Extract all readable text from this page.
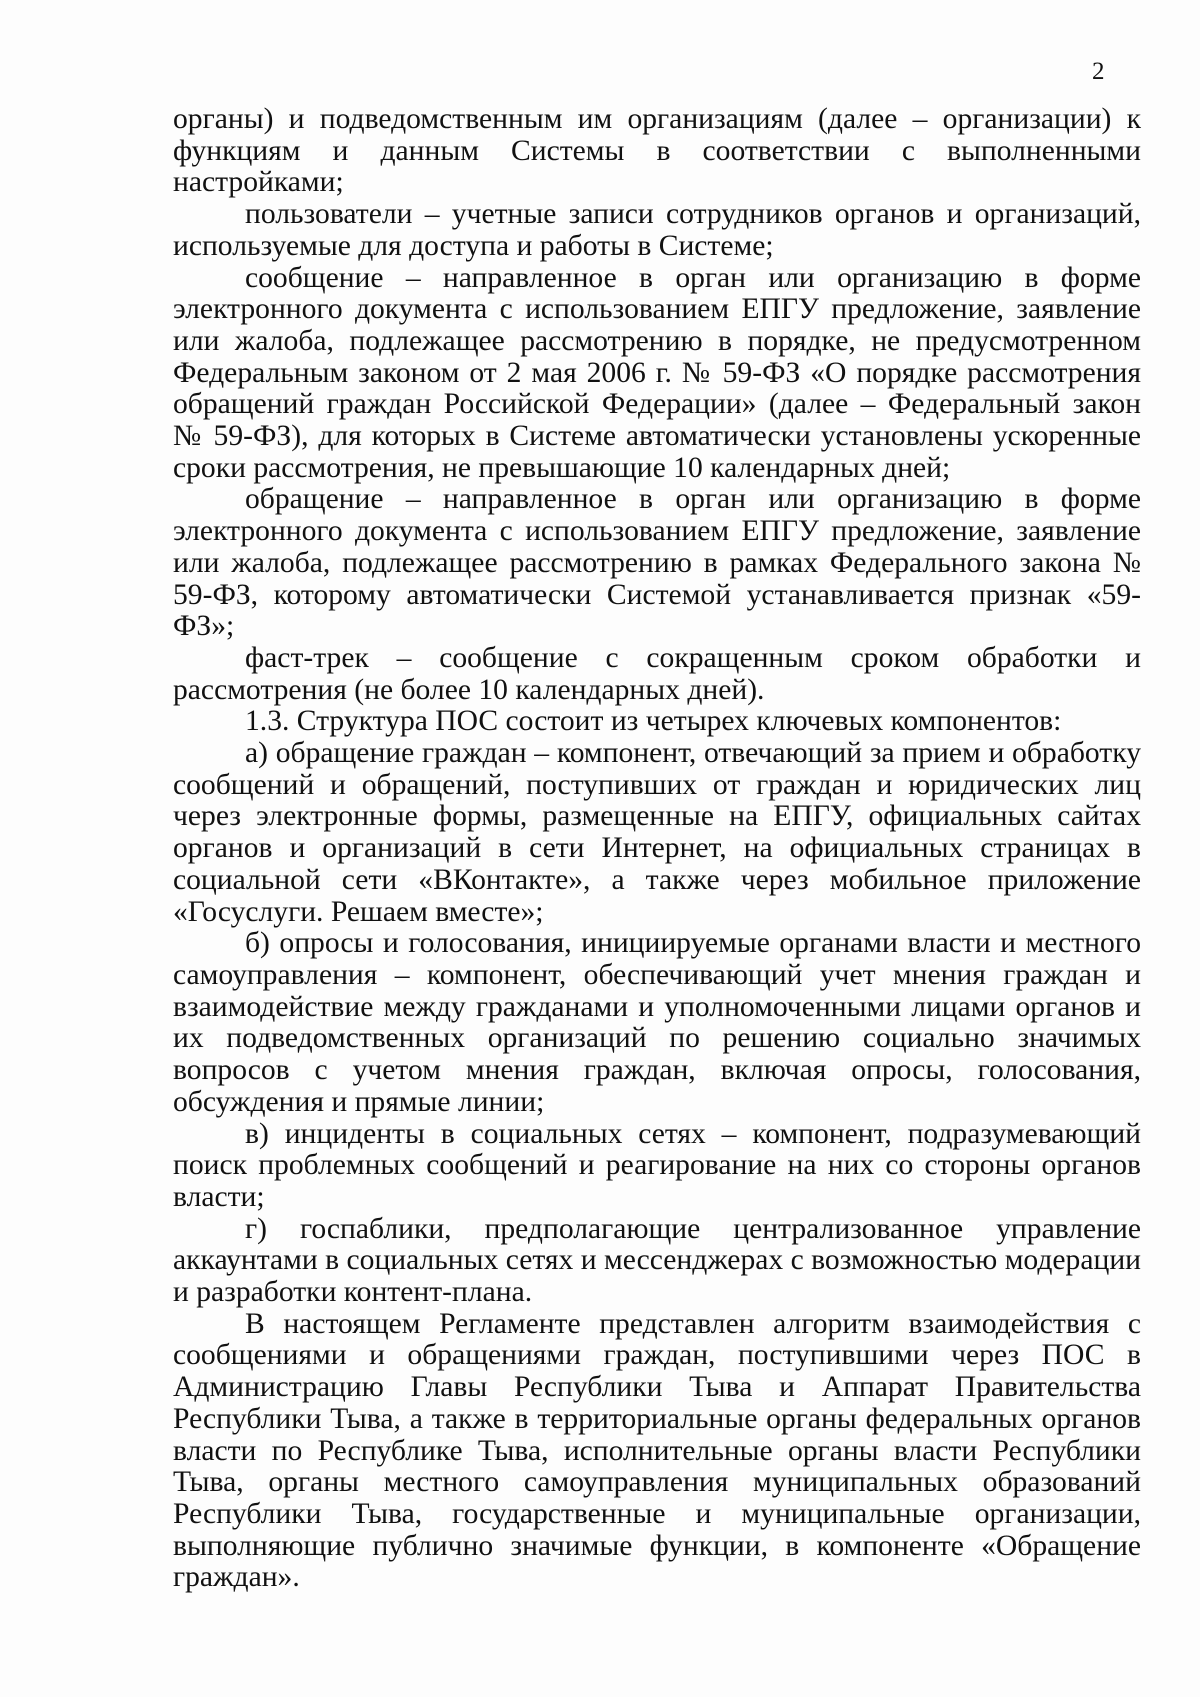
2

органы) и подведомственным им организациям (далее – организации) к функциям и данным Системы в соответствии с выполненными настройками;

пользователи – учетные записи сотрудников органов и организаций, используемые для доступа и работы в Системе;

сообщение – направленное в орган или организацию в форме электронного документа с использованием ЕПГУ предложение, заявление или жалоба, подлежащее рассмотрению в порядке, не предусмотренном Федеральным законом от 2 мая 2006 г. № 59-ФЗ «О порядке рассмотрения обращений граждан Российской Федерации» (далее – Федеральный закон № 59-ФЗ), для которых в Системе автоматически установлены ускоренные сроки рассмотрения, не превышающие 10 календарных дней;

обращение – направленное в орган или организацию в форме электронного документа с использованием ЕПГУ предложение, заявление или жалоба, подлежащее рассмотрению в рамках Федерального закона № 59-ФЗ, которому автоматически Системой устанавливается признак «59-ФЗ»;

фаст-трек – сообщение с сокращенным сроком обработки и рассмотрения (не более 10 календарных дней).

1.3. Структура ПОС состоит из четырех ключевых компонентов:

а) обращение граждан – компонент, отвечающий за прием и обработку сообщений и обращений, поступивших от граждан и юридических лиц через электронные формы, размещенные на ЕПГУ, официальных сайтах органов и организаций в сети Интернет, на официальных страницах в социальной сети «ВКонтакте», а также через мобильное приложение «Госуслуги. Решаем вместе»;

б) опросы и голосования, инициируемые органами власти и местного самоуправления – компонент, обеспечивающий учет мнения граждан и взаимодействие между гражданами и уполномоченными лицами органов и их подведомственных организаций по решению социально значимых вопросов с учетом мнения граждан, включая опросы, голосования, обсуждения и прямые линии;

в) инциденты в социальных сетях – компонент, подразумевающий поиск проблемных сообщений и реагирование на них со стороны органов власти;

г) госпаблики, предполагающие централизованное управление аккаунтами в социальных сетях и мессенджерах с возможностью модерации и разработки контент-плана.

В настоящем Регламенте представлен алгоритм взаимодействия с сообщениями и обращениями граждан, поступившими через ПОС в Администрацию Главы Республики Тыва и Аппарат Правительства Республики Тыва, а также в территориальные органы федеральных органов власти по Республике Тыва, исполнительные органы власти Республики Тыва, органы местного самоуправления муниципальных образований Республики Тыва, государственные и муниципальные организации, выполняющие публично значимые функции, в компоненте «Обращение граждан».
